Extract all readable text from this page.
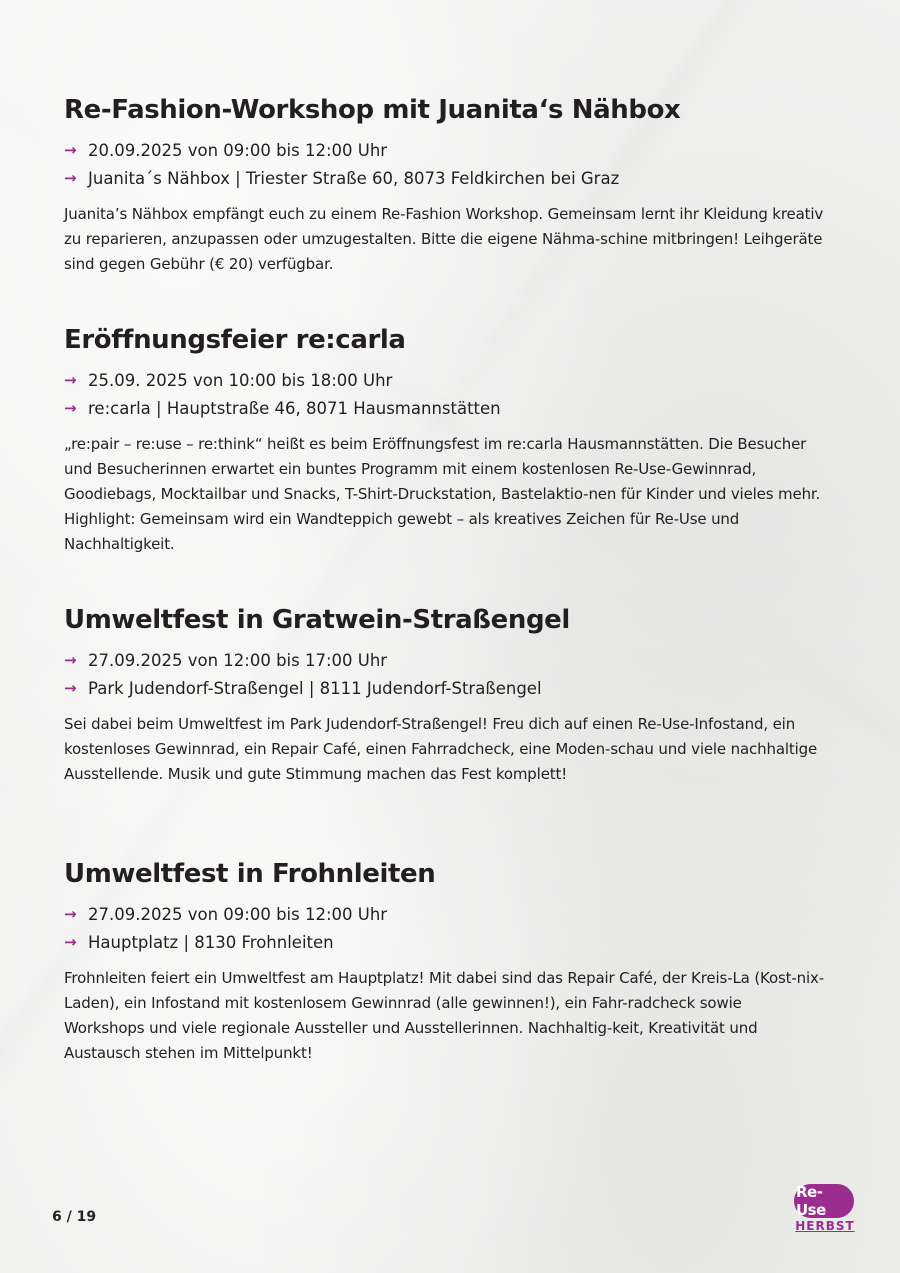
Re-Fashion-Workshop mit Juanita‘s Nähbox
→ 20.09.2025 von 09:00 bis 12:00 Uhr
→ Juanita´s Nähbox | Triester Straße 60, 8073 Feldkirchen bei Graz

Juanita’s Nähbox empfängt euch zu einem Re-Fashion Workshop. Gemeinsam lernt ihr Kleidung kreativ zu reparieren, anzupassen oder umzugestalten. Bitte die eigene Nähma-schine mitbringen! Leihgeräte sind gegen Gebühr (€ 20) verfügbar.

Eröffnungsfeier re:carla
→ 25.09. 2025 von 10:00 bis 18:00 Uhr
→ re:carla | Hauptstraße 46, 8071 Hausmannstätten

„re:pair – re:use – re:think“ heißt es beim Eröffnungsfest im re:carla Hausmannstätten. Die Besucher und Besucherinnen erwartet ein buntes Programm mit einem kostenlosen Re-Use-Gewinnrad, Goodiebags, Mocktailbar und Snacks, T-Shirt-Druckstation, Bastelaktio-nen für Kinder und vieles mehr. Highlight: Gemeinsam wird ein Wandteppich gewebt – als kreatives Zeichen für Re-Use und Nachhaltigkeit.

Umweltfest in Gratwein-Straßengel
→ 27.09.2025 von 12:00 bis 17:00 Uhr
→ Park Judendorf-Straßengel | 8111 Judendorf-Straßengel

Sei dabei beim Umweltfest im Park Judendorf-Straßengel! Freu dich auf einen Re-Use-Infostand, ein kostenloses Gewinnrad, ein Repair Café, einen Fahrradcheck, eine Moden-schau und viele nachhaltige Ausstellende. Musik und gute Stimmung machen das Fest komplett!

Umweltfest in Frohnleiten
→ 27.09.2025 von 09:00 bis 12:00 Uhr
→ Hauptplatz | 8130 Frohnleiten

Frohnleiten feiert ein Umweltfest am Hauptplatz! Mit dabei sind das Repair Café, der Kreis-La (Kost-nix-Laden), ein Infostand mit kostenlosem Gewinnrad (alle gewinnen!), ein Fahr-radcheck sowie Workshops und viele regionale Aussteller und Ausstellerinnen. Nachhaltig-keit, Kreativität und Austausch stehen im Mittelpunkt!

6 / 19
Re-Use
HERBST
